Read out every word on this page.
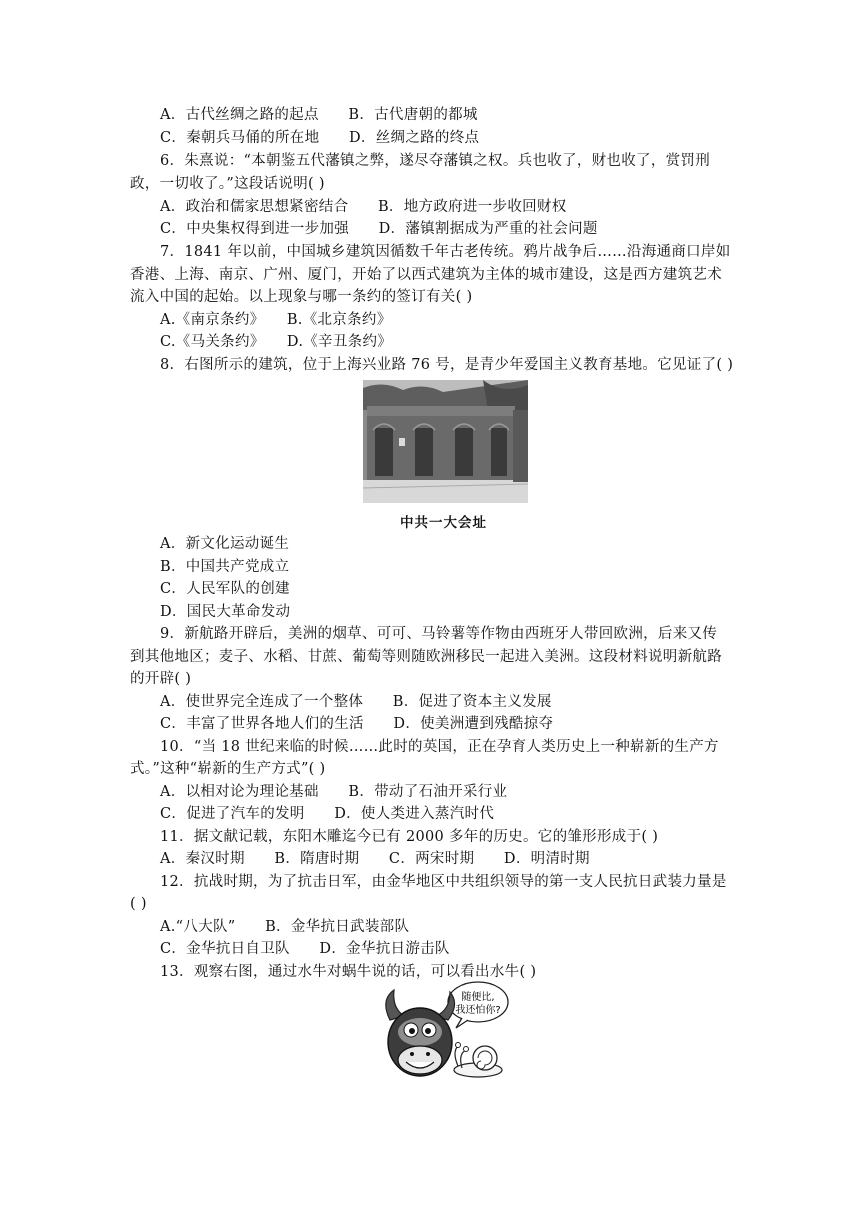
A．古代丝绸之路的起点　　B．古代唐朝的都城
C．秦朝兵马俑的所在地　　D．丝绸之路的终点
6．朱熹说：“本朝鉴五代藩镇之弊，遂尽夺藩镇之权。兵也收了，财也收了，赏罚刑
政，一切收了。”这段话说明( )
A．政治和儒家思想紧密结合　　B．地方政府进一步收回财权
C．中央集权得到进一步加强　　D．藩镇割据成为严重的社会问题
7．1841 年以前，中国城乡建筑因循数千年古老传统。鸦片战争后……沿海通商口岸如
香港、上海、南京、广州、厦门，开始了以西式建筑为主体的城市建设，这是西方建筑艺术
流入中国的起始。以上现象与哪一条约的签订有关( )
A.《南京条约》　　B.《北京条约》
C.《马关条约》　　D.《辛丑条约》
8．右图所示的建筑，位于上海兴业路 76 号，是青少年爱国主义教育基地。它见证了( )
中共一大会址
A．新文化运动诞生
B．中国共产党成立
C．人民军队的创建
D．国民大革命发动
9．新航路开辟后，美洲的烟草、可可、马铃薯等作物由西班牙人带回欧洲，后来又传
到其他地区；麦子、水稻、甘蔗、葡萄等则随欧洲移民一起进入美洲。这段材料说明新航路
的开辟( )
A．使世界完全连成了一个整体　　B．促进了资本主义发展
C．丰富了世界各地人们的生活　　D．使美洲遭到残酷掠夺
10．“当 18 世纪来临的时候……此时的英国，正在孕育人类历史上一种崭新的生产方
式。”这种“崭新的生产方式”( )
A．以相对论为理论基础　　B．带动了石油开采行业
C．促进了汽车的发明　　D．使人类进入蒸汽时代
11．据文献记载，东阳木雕迄今已有 2000 多年的历史。它的雏形形成于( )
A．秦汉时期　　B．隋唐时期　　C．两宋时期　　D．明清时期
12．抗战时期，为了抗击日军，由金华地区中共组织领导的第一支人民抗日武装力量是
( )
A.“八大队”　　B．金华抗日武装部队
C．金华抗日自卫队　　D．金华抗日游击队
13．观察右图，通过水牛对蜗牛说的话，可以看出水牛( )
随便比,
我还怕你?
